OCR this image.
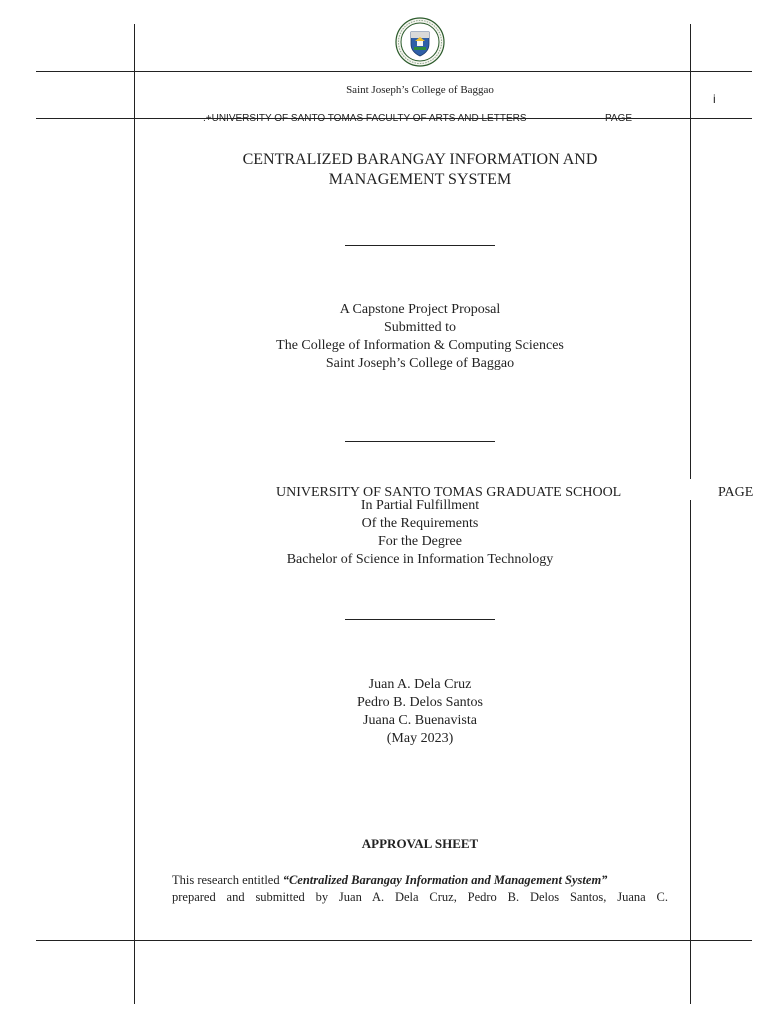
Saint Joseph’s College of Baggao
i
.+UNIVERSITY OF SANTO TOMAS FACULTY OF ARTS AND LETTERS	PAGE
CENTRALIZED BARANGAY INFORMATION AND
MANAGEMENT SYSTEM
A Capstone Project Proposal
Submitted to
The College of Information & Computing Sciences
Saint Joseph’s College of Baggao
UNIVERSITY OF SANTO TOMAS GRADUATE SCHOOL	PAGE
In Partial Fulfillment
Of the Requirements
For the Degree
Bachelor of Science in Information Technology
Juan A. Dela Cruz
Pedro B. Delos Santos
Juana C. Buenavista
(May 2023)
APPROVAL SHEET
This research entitled “Centralized Barangay Information and Management System”
prepared and submitted by Juan A. Dela Cruz, Pedro B. Delos Santos, Juana C.
